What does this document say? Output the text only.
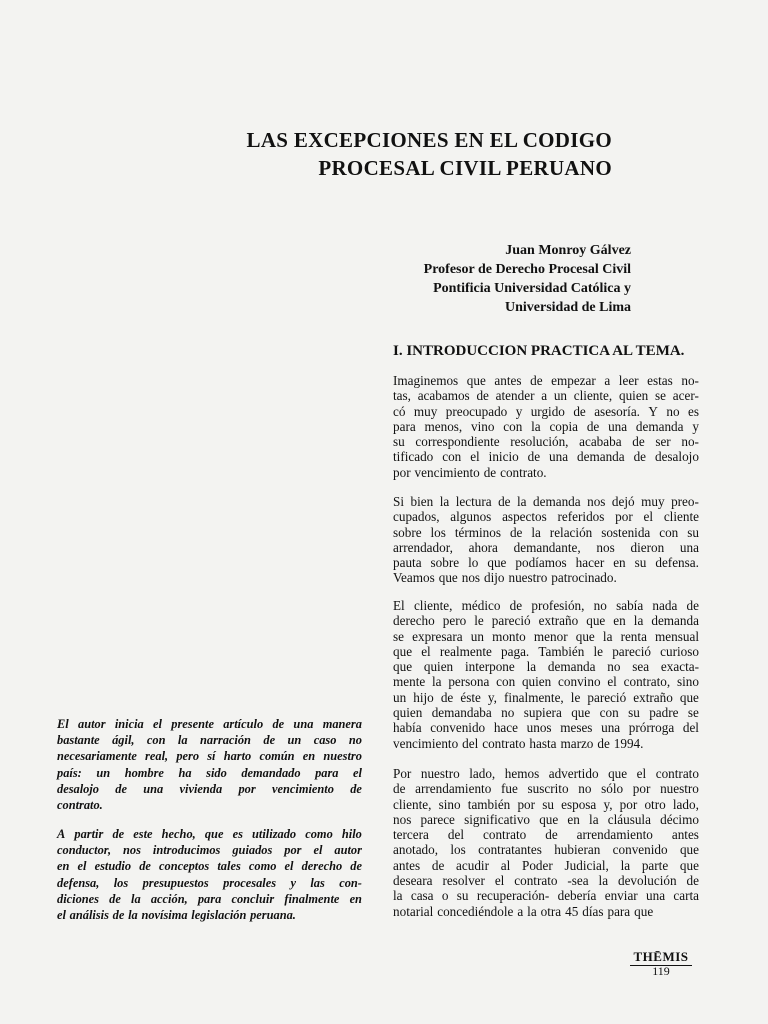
LAS EXCEPCIONES EN EL CODIGO
PROCESAL CIVIL PERUANO
Juan Monroy Gálvez
Profesor de Derecho Procesal Civil
Pontificia Universidad Católica y
Universidad de Lima
I. INTRODUCCION PRACTICA AL TEMA.
Imaginemos que antes de empezar a leer estas no-
tas, acabamos de atender a un cliente, quien se acer-
có muy preocupado y urgido de asesoría. Y no es
para menos, vino con la copia de una demanda y
su correspondiente resolución, acababa de ser no-
tificado con el inicio de una demanda de desalojo
por vencimiento de contrato.
Si bien la lectura de la demanda nos dejó muy preo-
cupados, algunos aspectos referidos por el cliente
sobre los términos de la relación sostenida con su
arrendador, ahora demandante, nos dieron una
pauta sobre lo que podíamos hacer en su defensa.
Veamos que nos dijo nuestro patrocinado.
El cliente, médico de profesión, no sabía nada de
derecho pero le pareció extraño que en la demanda
se expresara un monto menor que la renta mensual
que el realmente paga. También le pareció curioso
que quien interpone la demanda no sea exacta-
mente la persona con quien convino el contrato, sino
un hijo de éste y, finalmente, le pareció extraño que
quien demandaba no supiera que con su padre se
había convenido hace unos meses una prórroga del
vencimiento del contrato hasta marzo de 1994.
Por nuestro lado, hemos advertido que el contrato
de arrendamiento fue suscrito no sólo por nuestro
cliente, sino también por su esposa y, por otro lado,
nos parece significativo que en la cláusula décimo
tercera del contrato de arrendamiento antes
anotado, los contratantes hubieran convenido que
antes de acudir al Poder Judicial, la parte que
deseara resolver el contrato -sea la devolución de
la casa o su recuperación- debería enviar una carta
notarial concediéndole a la otra 45 días para que
El autor inicia el presente artículo de una manera
bastante ágil, con la narración de un caso no
necesariamente real, pero sí harto común en nuestro
país: un hombre ha sido demandado para el
desalojo de una vivienda por vencimiento de
contrato.
A partir de este hecho, que es utilizado como hilo
conductor, nos introducimos guiados por el autor
en el estudio de conceptos tales como el derecho de
defensa, los presupuestos procesales y las con-
diciones de la acción, para concluir finalmente en
el análisis de la novísima legislación peruana.
THĒMIS
119
